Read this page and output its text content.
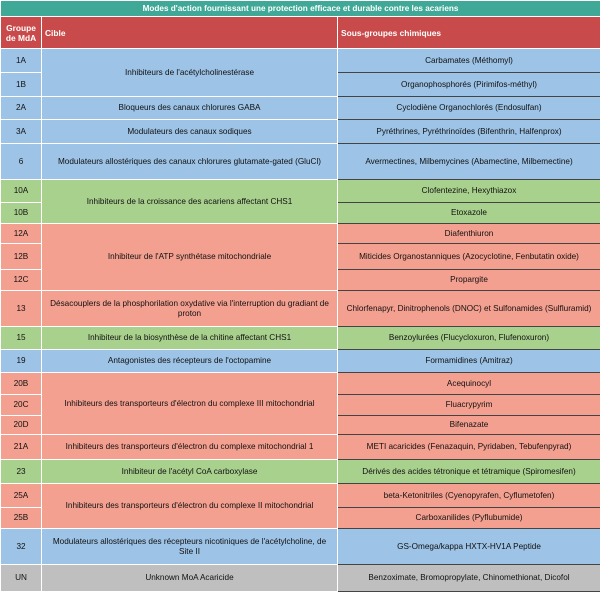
Modes d'action fournissant une protection efficace et durable contre les acariens		
Groupe de MdA	Cible	Sous-groupes chimiques
1A	Inhibiteurs de l'acétylcholinestérase	Carbamates (Méthomyl)
1B		Organophosphorés (Pirimifos-méthyl)
2A	Bloqueurs des canaux chlorures GABA	Cyclodiène Organochlorés (Endosulfan)
3A	Modulateurs des canaux sodiques	Pyréthrines, Pyréthrinoïdes (Bifenthrin, Halfenprox)
6	Modulateurs allostériques des canaux chlorures glutamate-gated (GluCl)	Avermectines, Milbemycines (Abamectine, Milbemectine)
10A	Inhibiteurs de la croissance des acariens affectant CHS1	Clofentezine, Hexythiazox
10B		Etoxazole
12A	Inhibiteur de l'ATP synthétase mitochondriale	Diafenthiuron
12B		Miticides Organostanniques (Azocyclotine, Fenbutatin oxide)
12C		Propargite
13	Désacouplers de la phosphorilation oxydative via l'interruption du gradiant de proton	Chlorfenapyr, Dinitrophenols (DNOC) et Sulfonamides (Sulfluramid)
15	Inhibiteur de la biosynthèse de la chitine affectant CHS1	Benzoylurées (Flucycloxuron, Flufenoxuron)
19	Antagonistes des récepteurs de l'octopamine	Formamidines (Amitraz)
20B	Inhibiteurs des transporteurs d'électron du complexe III mitochondrial	Acequinocyl
20C		Fluacrypyrim
20D		Bifenazate
21A	Inhibiteurs des transporteurs d'électron du complexe mitochondrial 1	METI acaricides (Fenazaquin, Pyridaben, Tebufenpyrad)
23	Inhibiteur de l'acétyl CoA carboxylase	Dérivés des acides tétronique et tétramique (Spiromesifen)
25A	Inhibiteurs des transporteurs d'électron du complexe II mitochondrial	beta-Ketonitriles (Cyenopyrafen, Cyflumetofen)
25B		Carboxanilides (Pyflubumide)
32	Modulateurs allostériques des récepteurs nicotiniques de l'acétylcholine, de Site II	GS-Omega/kappa HXTX-HV1A Peptide
UN	Unknown MoA Acaricide	Benzoximate, Bromopropylate, Chinomethionat, Dicofol
